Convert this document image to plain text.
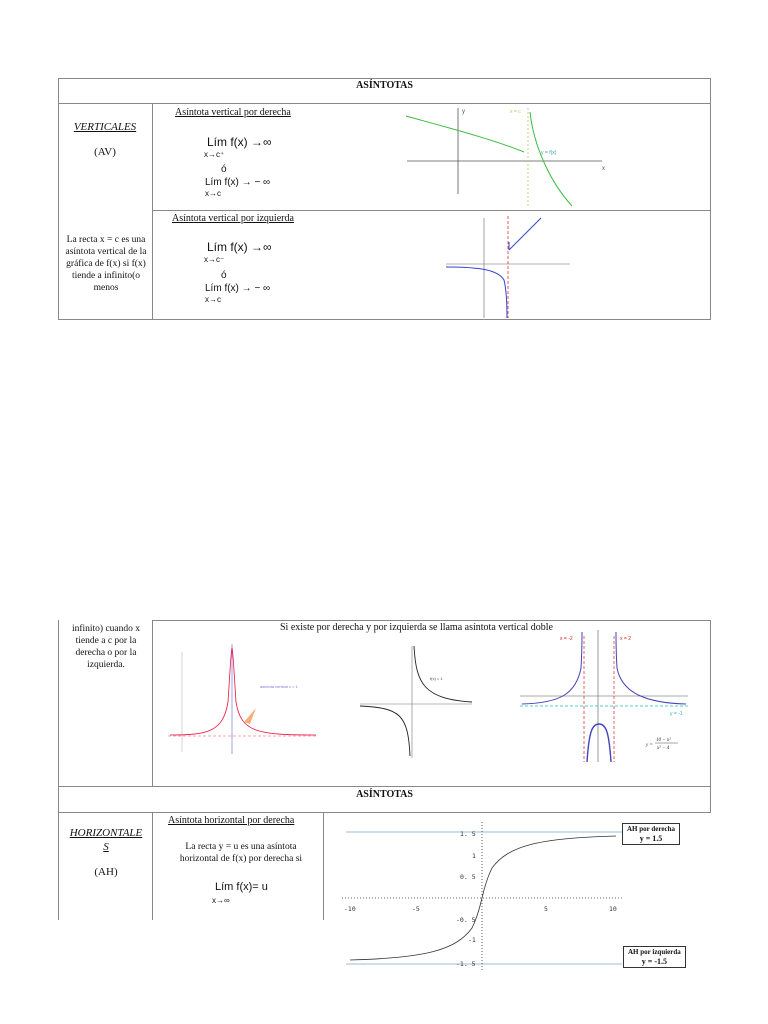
ASÍNTOTAS
VERTICALES
(AV)
La recta x = c es una asíntota vertical de la gráfica de f(x) si f(x) tiende a infinito(o menos
Asíntota vertical por derecha
Lím f(x) →∞
x→c⁺
ó
Lím f(x) → − ∞
x→c
x = c
y = f(x)
x
y
Asíntota vertical por izquierda
Lím f(x) →∞
x→c⁻
ó
Lím f(x) → − ∞
x→c
infinito) cuando x tiende a c por la derecha o por la izquierda.
Si existe por derecha y por izquierda se llama asíntota vertical doble
asintota vertical x = 1
f(x) = 1
x = -2	x = 2
y = -1
y =
10 − x²
x² − 4
ASÍNTOTAS
HORIZONTALE
S
(AH)
Asíntota horizontal por derecha
La recta y = u es una asíntota horizontal de f(x) por derecha si
Lím f(x)= u
x→∞
-10	-5	5	10
1. 5
1
0. 5
-0. 5
-1
-1. 5
AH por derecha
y = 1.5
AH por izquierda
y = -1.5
